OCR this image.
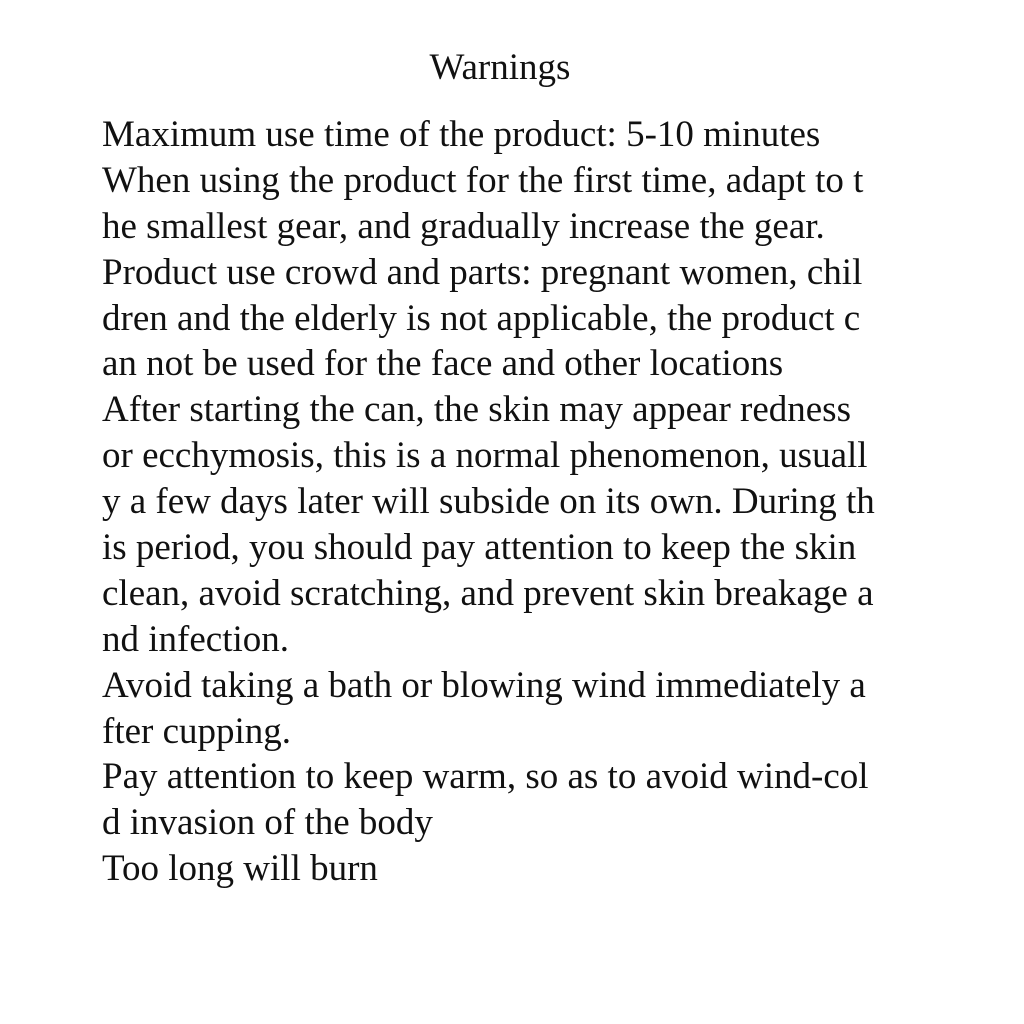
Warnings
Maximum use time of the product: 5-10 minutes
When using the product for the first time, adapt to t
he smallest gear, and gradually increase the gear.
Product use crowd and parts: pregnant women, chil
dren and the elderly is not applicable, the product c
an not be used for the face and other locations
After starting the can, the skin may appear redness
or ecchymosis, this is a normal phenomenon, usuall
y a few days later will subside on its own. During th
is period, you should pay attention to keep the skin
clean, avoid scratching, and prevent skin breakage a
nd infection.
Avoid taking a bath or blowing wind immediately a
fter cupping.
Pay attention to keep warm, so as to avoid wind-col
d invasion of the body
Too long will burn
